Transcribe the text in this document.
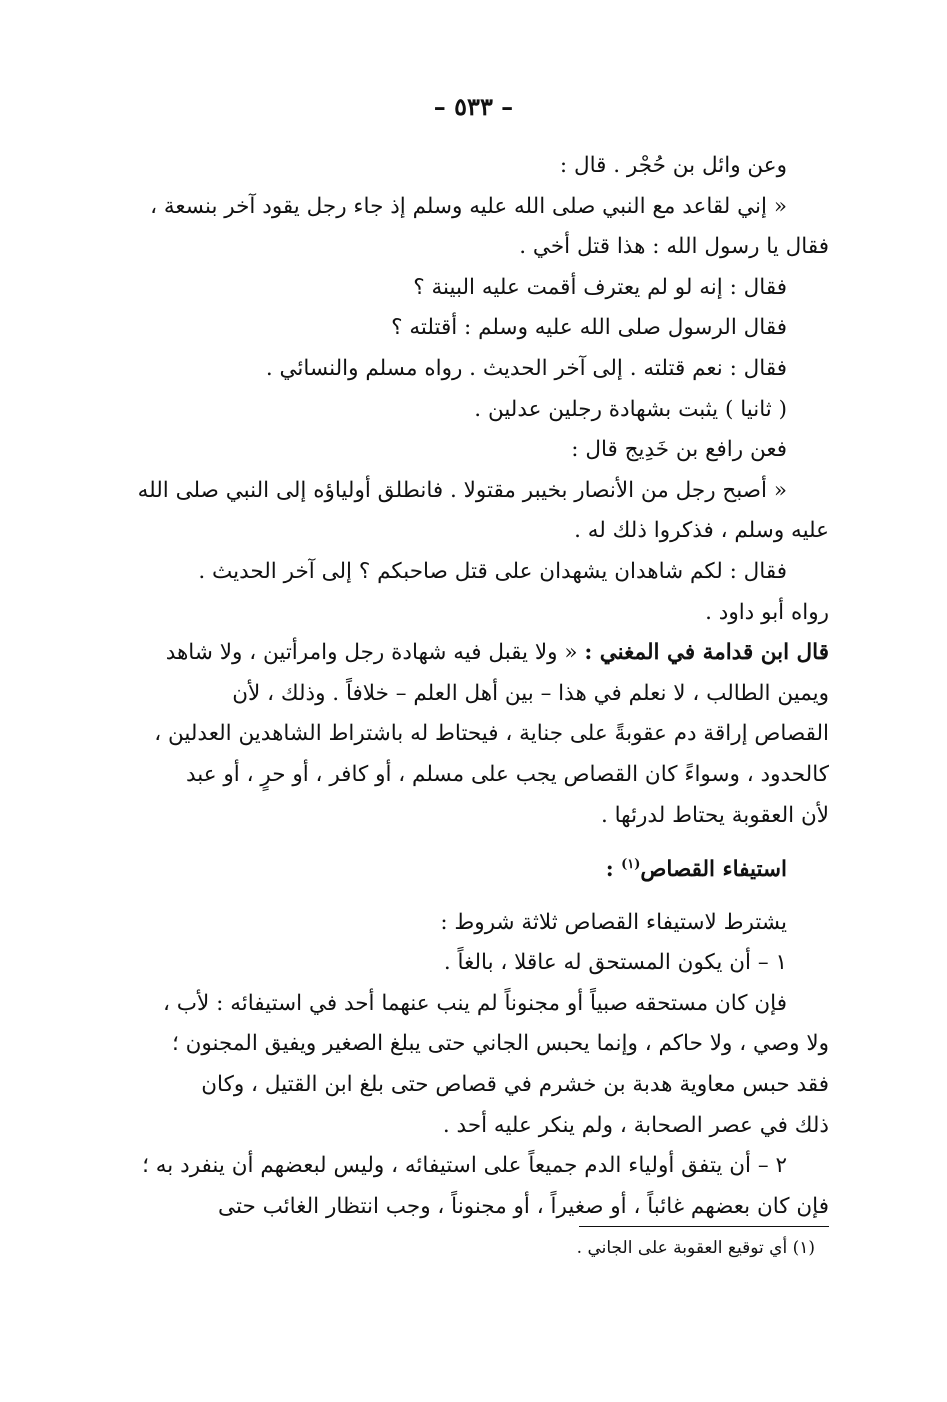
– ٥٣٣ –
وعن وائل بن حُجْر . قال :
« إني لقاعد مع النبي صلى الله عليه وسلم إذ جاء رجل يقود آخر بنسعة ،
فقال يا رسول الله : هذا قتل أخي .
فقال : إنه لو لم يعترف أقمت عليه البينة ؟
فقال الرسول صلى الله عليه وسلم : أقتلته ؟
فقال : نعم قتلته . إلى آخر الحديث . رواه مسلم والنسائي .
( ثانيا ) يثبت بشهادة رجلين عدلين .
فعن رافع بن خَدِيج قال :
« أصبح رجل من الأنصار بخيبر مقتولا . فانطلق أولياؤه إلى النبي صلى الله
عليه وسلم ، فذكروا ذلك له .
فقال : لكم شاهدان يشهدان على قتل صاحبكم ؟ إلى آخر الحديث .
رواه أبو داود .
قال ابن قدامة في المغني : « ولا يقبل فيه شهادة رجل وامرأتين ، ولا شاهد
ويمين الطالب ، لا نعلم في هذا – بين أهل العلم – خلافاً . وذلك ، لأن
القصاص إراقة دم عقوبةً على جناية ، فيحتاط له باشتراط الشاهدين العدلين ،
كالحدود ، وسواءً كان القصاص يجب على مسلم ، أو كافر ، أو حرٍ ، أو عبد
لأن العقوبة يحتاط لدرئها .
استيفاء القصاص$^{(١)}$ :
يشترط لاستيفاء القصاص ثلاثة شروط :
١ – أن يكون المستحق له عاقلا ، بالغاً .
فإن كان مستحقه صبياً أو مجنوناً لم ينب عنهما أحد في استيفائه : لأب ،
ولا وصي ، ولا حاكم ، وإنما يحبس الجاني حتى يبلغ الصغير ويفيق المجنون ؛
فقد حبس معاوية هدبة بن خشرم في قصاص حتى بلغ ابن القتيل ، وكان
ذلك في عصر الصحابة ، ولم ينكر عليه أحد .
٢ – أن يتفق أولياء الدم جميعاً على استيفائه ، وليس لبعضهم أن ينفرد به ؛
فإن كان بعضهم غائباً ، أو صغيراً ، أو مجنوناً ، وجب انتظار الغائب حتى
(١) أي توقيع العقوبة على الجاني .
